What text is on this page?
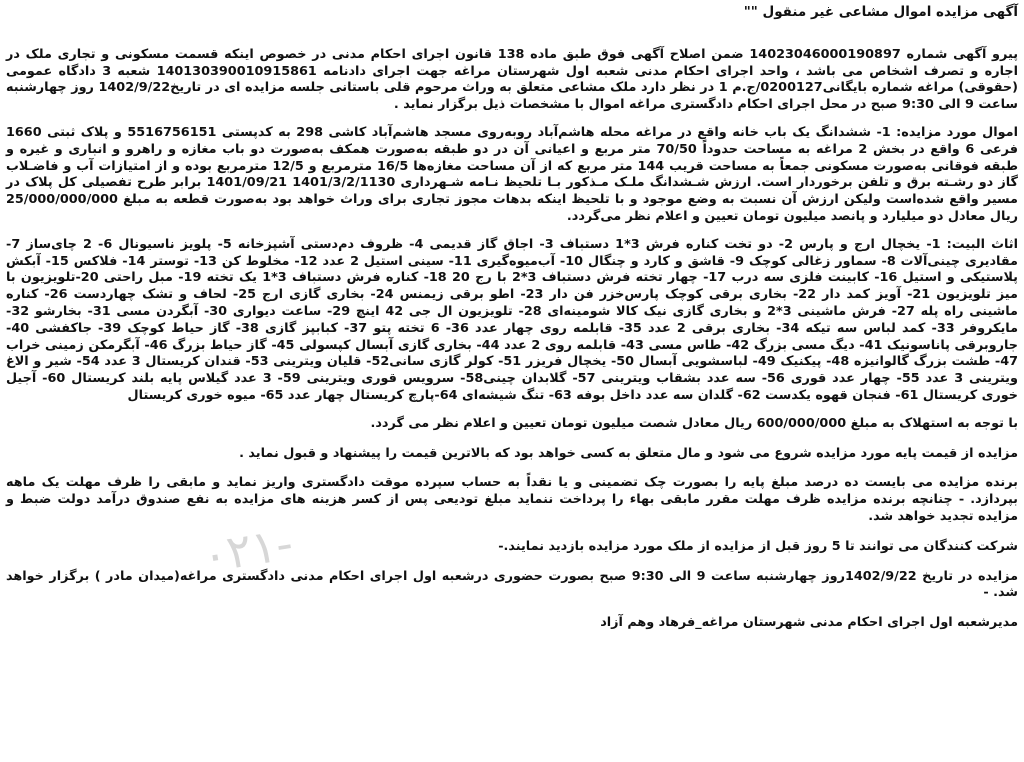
۰۲۱-

آگهی مزایده اموال مشاعی غیر منقول ""

پیرو آگهی شماره 14023046000190897 ضمن اصلاح آگهی فوق طبق ماده 138 قانون اجرای احکام مدنی در خصوص اینکه قسمت مسکونی و تجاری ملک در اجاره و تصرف اشخاص می باشد ، واحد اجرای احکام مدنی شعبه اول شهرستان مراغه جهت اجرای دادنامه 140130390010915861 شعبه 3 دادگاه عمومی (حقوقی) مراغه شماره بایگانی0200127/ج.م 1 در نظر دارد ملک مشاعی متعلق به وراث مرحوم قلی باستانی جلسه مزایده ای در تاریخ1402/9/22 روز چهارشنبه ساعت 9 الی 9:30 صبح در محل اجرای احکام دادگستری مراغه اموال با مشخصات ذیل برگزار نماید .

اموال مورد مزایده: 1- ششدانگ یک باب خانه واقع در مراغه محله هاشم‌آباد روبه‌روی مسجد هاشم‌آباد کاشی 298 به کدپستی 5516756151 و پلاک ثبتی 1660 فرعی 6 واقع در بخش 2 مراغه به مساحت حدوداً 70/50 متر مربع و اعیانی آن در دو طبقه به‌صورت همکف به‌صورت دو باب مغازه و راهرو و انباری و غیره و طبقه فوقانی به‌صورت مسکونی جمعاً به مساحت قریب 144 متر مربع که از آن مساحت مغازه‌ها 16/5 مترمربع و 12/5 مترمربع بوده و از امتیازات آب و فاضـلاب گاز دو رشـته برق و تلفن برخوردار است. ارزش شـشدانگ ملـک مـذکور بـا تلحیظ نـامه شـهرداری 1401/3/2/1130 1401/09/21 برابر طرح تفصیلی کل پلاک در مسیر واقع شده‌است ولیکن ارزش آن نسبت به وضع موجود و با تلحیظ اینکه بدهات مجوز تجاری برای وراث خواهد بود به‌صورت قطعه به مبلغ 25/000/000/000 ریال معادل دو میلیارد و پانصد میلیون تومان تعیین و اعلام نظر می‌گردد.

اثاث البیت: 1- یخچال ارج و پارس 2- دو تخت کناره فرش 3*1 دستباف 3- اجاق گاز قدیمی 4- ظروف دم‌دستی آشپزخانه 5- پلویز ناسیونال 6- 2 چای‌ساز 7- مقادیری چینی‌آلات 8- سماور زغالی کوچک 9- قاشق و کارد و چنگال 10- آب‌میوه‌گیری 11- سینی استیل 2 عدد 12- مخلوط کن 13- توستر 14- فلاکس 15- آبکش پلاستیکی و استیل 16- کابینت فلزی سه درب 17- چهار تخته فرش دستباف 3*2 با رج 20 18- کناره فرش دستباف 3*1 یک تخته 19- مبل راحتی 20-تلویزیون با میز تلویزیون 21- آویز کمد دار 22- بخاری برقی کوچک پارس‌خزر فن دار 23- اطو برقی زیمنس 24- بخاری گازی ارج 25- لحاف و تشک چهاردست 26- کناره ماشینی راه پله 27- فرش ماشینی 3*2 و بخاری گازی نیک کالا شومینه‌ای 28- تلویزیون ال جی 42 اینچ 29- ساعت دیواری 30- آبگردن مسی 31- بخارشو 32- مایکروفر 33- کمد لباس سه تیکه 34- بخاری برقی 2 عدد 35- قابلمه روی چهار عدد 36- 6 تخته پتو 37- کبابپز گازی 38- گاز حیاط کوچک 39- جاکفشی 40- جاروبرقی پاناسونیک 41- دیگ مسی بزرگ 42- طاس مسی 43- قابلمه روی 2 عدد 44- بخاری گازی آبسال کپسولی 45- گاز حیاط بزرگ 46- آبگرمکن زمینی خراب 47- طشت بزرگ گالوانیزه 48- پیکنیک 49- لباسشویی آبسال 50- یخچال فریزر 51- کولر گازی سانی52- قلیان ویترینی 53- قندان کریستال 3 عدد 54- شیر و الاغ ویترینی 3 عدد 55- چهار عدد قوری 56- سه عدد بشقاب ویترینی 57- گلابدان چینی58- سرویس قوری ویترینی 59- 3 عدد گیلاس پایه بلند کریستال 60- آجیل خوری کریستال 61- فنجان قهوه یکدست 62- گلدان سه عدد داخل بوفه 63- تنگ شیشه‌ای 64-پارچ کریستال چهار عدد 65- میوه خوری کریستال

با توجه به استهلاک به مبلغ 600/000/000 ریال معادل شصت میلیون تومان تعیین و اعلام نظر می گردد.

مزایده از قیمت پایه مورد مزایده شروع می شود و مال متعلق به کسی خواهد بود که بالاترین قیمت را پیشنهاد و قبول نماید .

برنده مزایده می بایست ده درصد مبلغ پایه را بصورت چک تضمینی و یا نقداً به حساب سپرده موقت دادگستری واریز نماید و مابقی را ظرف مهلت یک ماهه بپردازد. - چنانچه برنده مزایده ظرف مهلت مقرر مابقی بهاء را پرداخت ننماید مبلغ تودیعی پس از کسر هزینه های مزایده به نفع صندوق درآمد دولت ضبط و مزایده تجدید خواهد شد.

شرکت کنندگان می توانند تا 5 روز قبل از مزایده از ملک مورد مزایده بازدید نمایند.-

مزایده در تاریخ 1402/9/22روز چهارشنبه ساعت 9 الی 9:30 صبح بصورت حضوری درشعبه اول اجرای احکام مدنی دادگستری مراغه(میدان مادر ) برگزار خواهد شد. -

مدیرشعبه اول اجرای احکام مدنی شهرستان مراغه_فرهاد وهم آزاد
